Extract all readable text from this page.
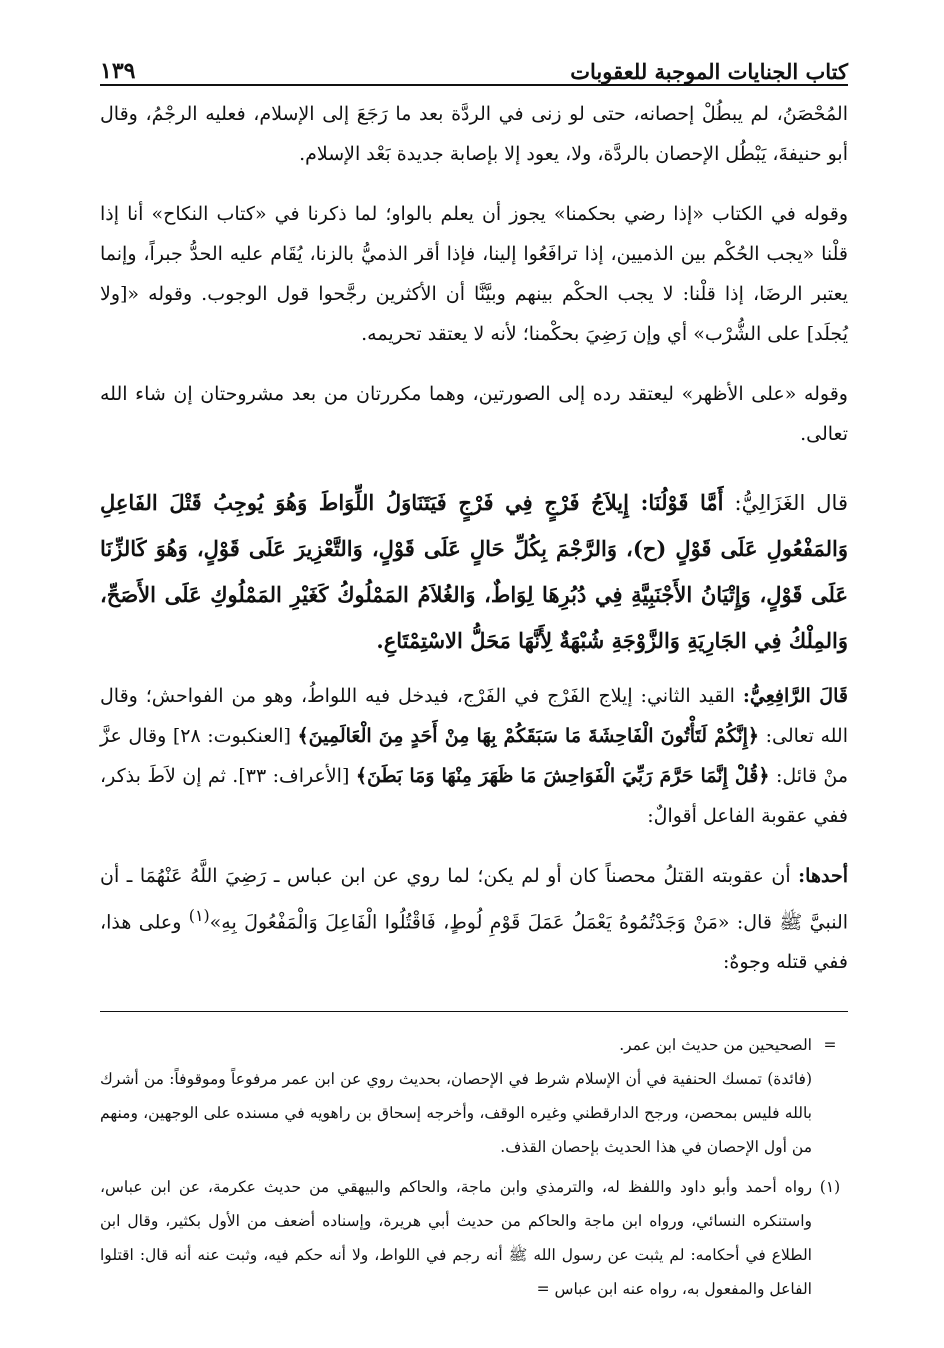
كتاب الجنايات الموجبة للعقوبات
١٣٩

المُحْصَنُ، لم يبطُلْ إحصانه، حتى لو زنى في الردَّة بعد ما رَجَعَ إلى الإسلام، فعليه الرجْمُ، وقال أبو حنيفةَ، يَبْطُل الإحصان بالردَّة، ولا، يعود إلا بإصابة جديدة بَعْد الإسلام.

وقوله في الكتاب «إذا رضي بحكمنا» يجوز أن يعلم بالواو؛ لما ذكرنا في «كتاب النكاح» أنا إذا قلْنا «يجب الحُكْم بين الذميين، إذا ترافَعُوا إلينا، فإذا أقر الذميُّ بالزنا، يُقَام عليه الحدُّ جبراً، وإنما يعتبر الرضَا، إذا قلْنا: لا يجب الحكْم بينهم وبيَّنَّا أن الأكثرين رجَّحوا قول الوجوب. وقوله «[ولا يُجلَد] على الشُّرْب» أي وإن رَضِيَ بحكْمنا؛ لأنه لا يعتقد تحريمه.

وقوله «على الأظهر» ليعتقد رده إلى الصورتين، وهما مكررتان من بعد مشروحتان إن شاء الله تعالى.

قال الغَزَالِيُّ: أَمَّا قَوْلُنَا: إِيلاَجُ فَرْجٍ فِي فَرْجٍ فَيَتَنَاوَلُ اللِّوَاطَ وَهُوَ يُوجِبُ قَتْلَ الفَاعِلِ وَالمَفْعُولِ عَلَى قَوْلٍ (ح)، وَالرَّجْمَ بِكُلِّ حَالٍ عَلَى قَوْلٍ، وَالتَّعْزِيرَ عَلَى قَوْلٍ، وَهُوَ كَالزِّنَا عَلَى قَوْلٍ، وَإِتْيَانُ الأَجْنَبِيَّةِ فِي دُبُرِهَا لِوَاطٌ، وَالغُلاَمُ المَمْلُوكُ كَغَيْرِ المَمْلُوكِ عَلَى الأَصَحِّ، وَالمِلْكُ فِي الجَارِيَةِ وَالزَّوْجَةِ شُبْهَةٌ لِأَنَّهَا مَحَلُّ الاسْتِمْتَاعِ.

قَالَ الرَّافِعِيُّ: القيد الثاني: إيلاج الفَرْج في الفَرْج، فيدخل فيه اللواطُ، وهو من الفواحش؛ وقال الله تعالى: ﴿إِنَّكُمْ لَتَأْتُونَ الْفَاحِشَةَ مَا سَبَقَكُمْ بِهَا مِنْ أَحَدٍ مِنَ الْعَالَمِينَ﴾ [العنكبوت: ٢٨] وقال عزَّ منْ قائل: ﴿قُلْ إِنَّمَا حَرَّمَ رَبِّيَ الْفَوَاحِشَ مَا ظَهَرَ مِنْهَا وَمَا بَطَنَ﴾ [الأعراف: ٣٣]. ثم إن لاَطَ بذكر، ففي عقوبة الفاعل أقوالٌ:

أحدها: أن عقوبته القتلُ محصناً كان أو لم يكن؛ لما روي عن ابن عباس ـ رَضِيَ اللَّهُ عَنْهُمَا ـ أن النبيَّ ﷺ قال: «مَنْ وَجَدْتُمُوهُ يَعْمَلُ عَمَلَ قَوْمِ لُوطٍ، فَاقْتُلُوا الْفَاعِلَ وَالْمَفْعُولَ بِهِ»$^{(١)}$ وعلى هذا، ففي قتله وجوهٌ:

=
الصحيحين من حديث ابن عمر.
(فائدة) تمسك الحنفية في أن الإسلام شرط في الإحصان، بحديث روي عن ابن عمر مرفوعاً وموقوفاً: من أشرك بالله فليس بمحصن، ورجح الدارقطني وغيره الوقف، وأخرجه إسحاق بن راهويه في مسنده على الوجهين، ومنهم من أول الإحصان في هذا الحديث بإحصان القذف.
(١)
رواه أحمد وأبو داود واللفظ له، والترمذي وابن ماجة، والحاكم والبيهقي من حديث عكرمة، عن ابن عباس، واستنكره النسائي، ورواه ابن ماجة والحاكم من حديث أبي هريرة، وإسناده أضعف من الأول بكثير، وقال ابن الطلاع في أحكامه: لم يثبت عن رسول الله ﷺ أنه رجم في اللواط، ولا أنه حكم فيه، وثبت عنه أنه قال: اقتلوا الفاعل والمفعول به، رواه عنه ابن عباس =
